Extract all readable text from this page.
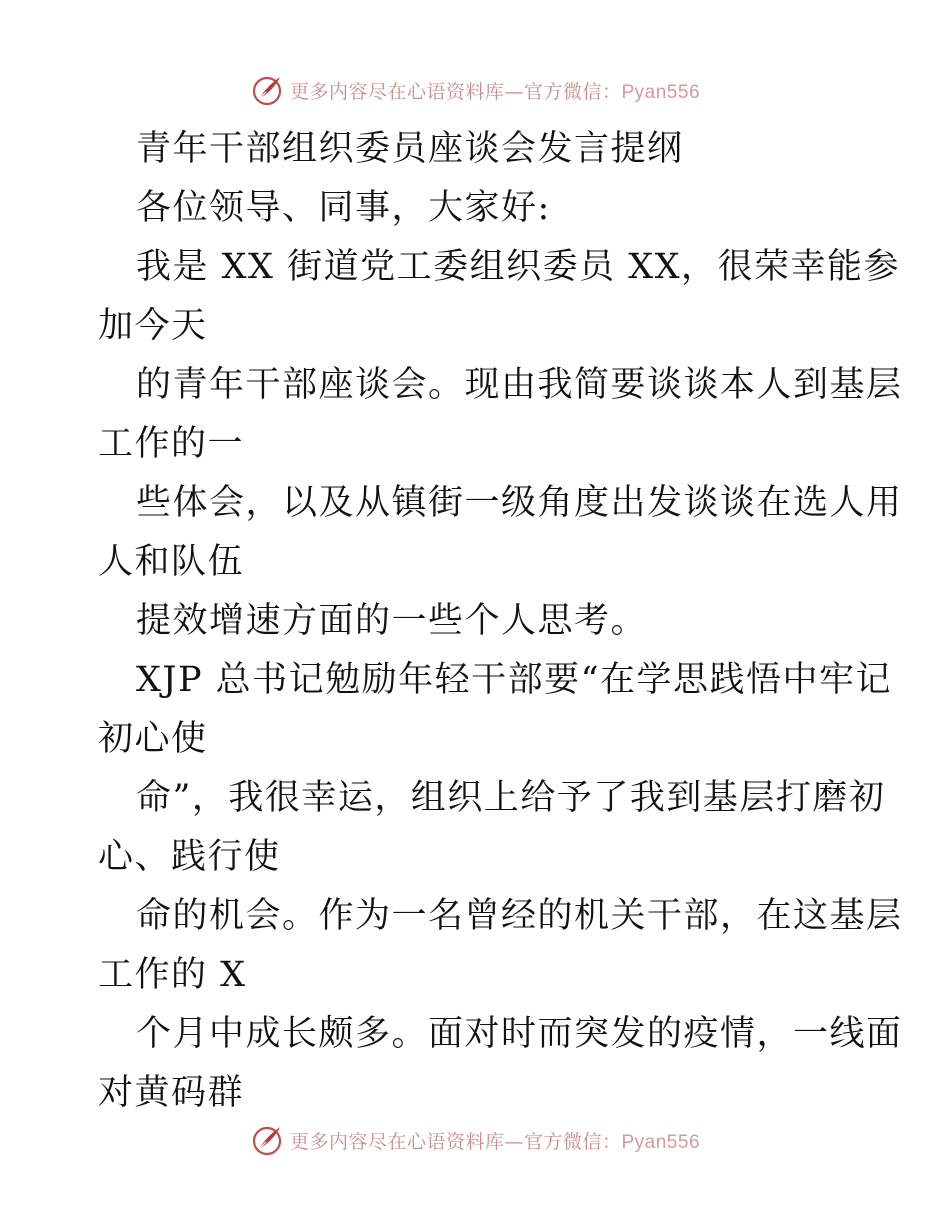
更多内容尽在心语资料库—官方微信：Pyan556
青年干部组织委员座谈会发言提纲
各位领导、同事，大家好:
我是 XX 街道党工委组织委员 XX，很荣幸能参
加今天
的青年干部座谈会。现由我简要谈谈本人到基层
工作的一
些体会，以及从镇街一级角度出发谈谈在选人用
人和队伍
提效增速方面的一些个人思考。
XJP 总书记勉励年轻干部要“在学思践悟中牢记
初心使
命”，我很幸运，组织上给予了我到基层打磨初
心、践行使
命的机会。作为一名曾经的机关干部，在这基层
工作的 X
个月中成长颇多。面对时而突发的疫情，一线面
对黄码群
更多内容尽在心语资料库—官方微信：Pyan556
